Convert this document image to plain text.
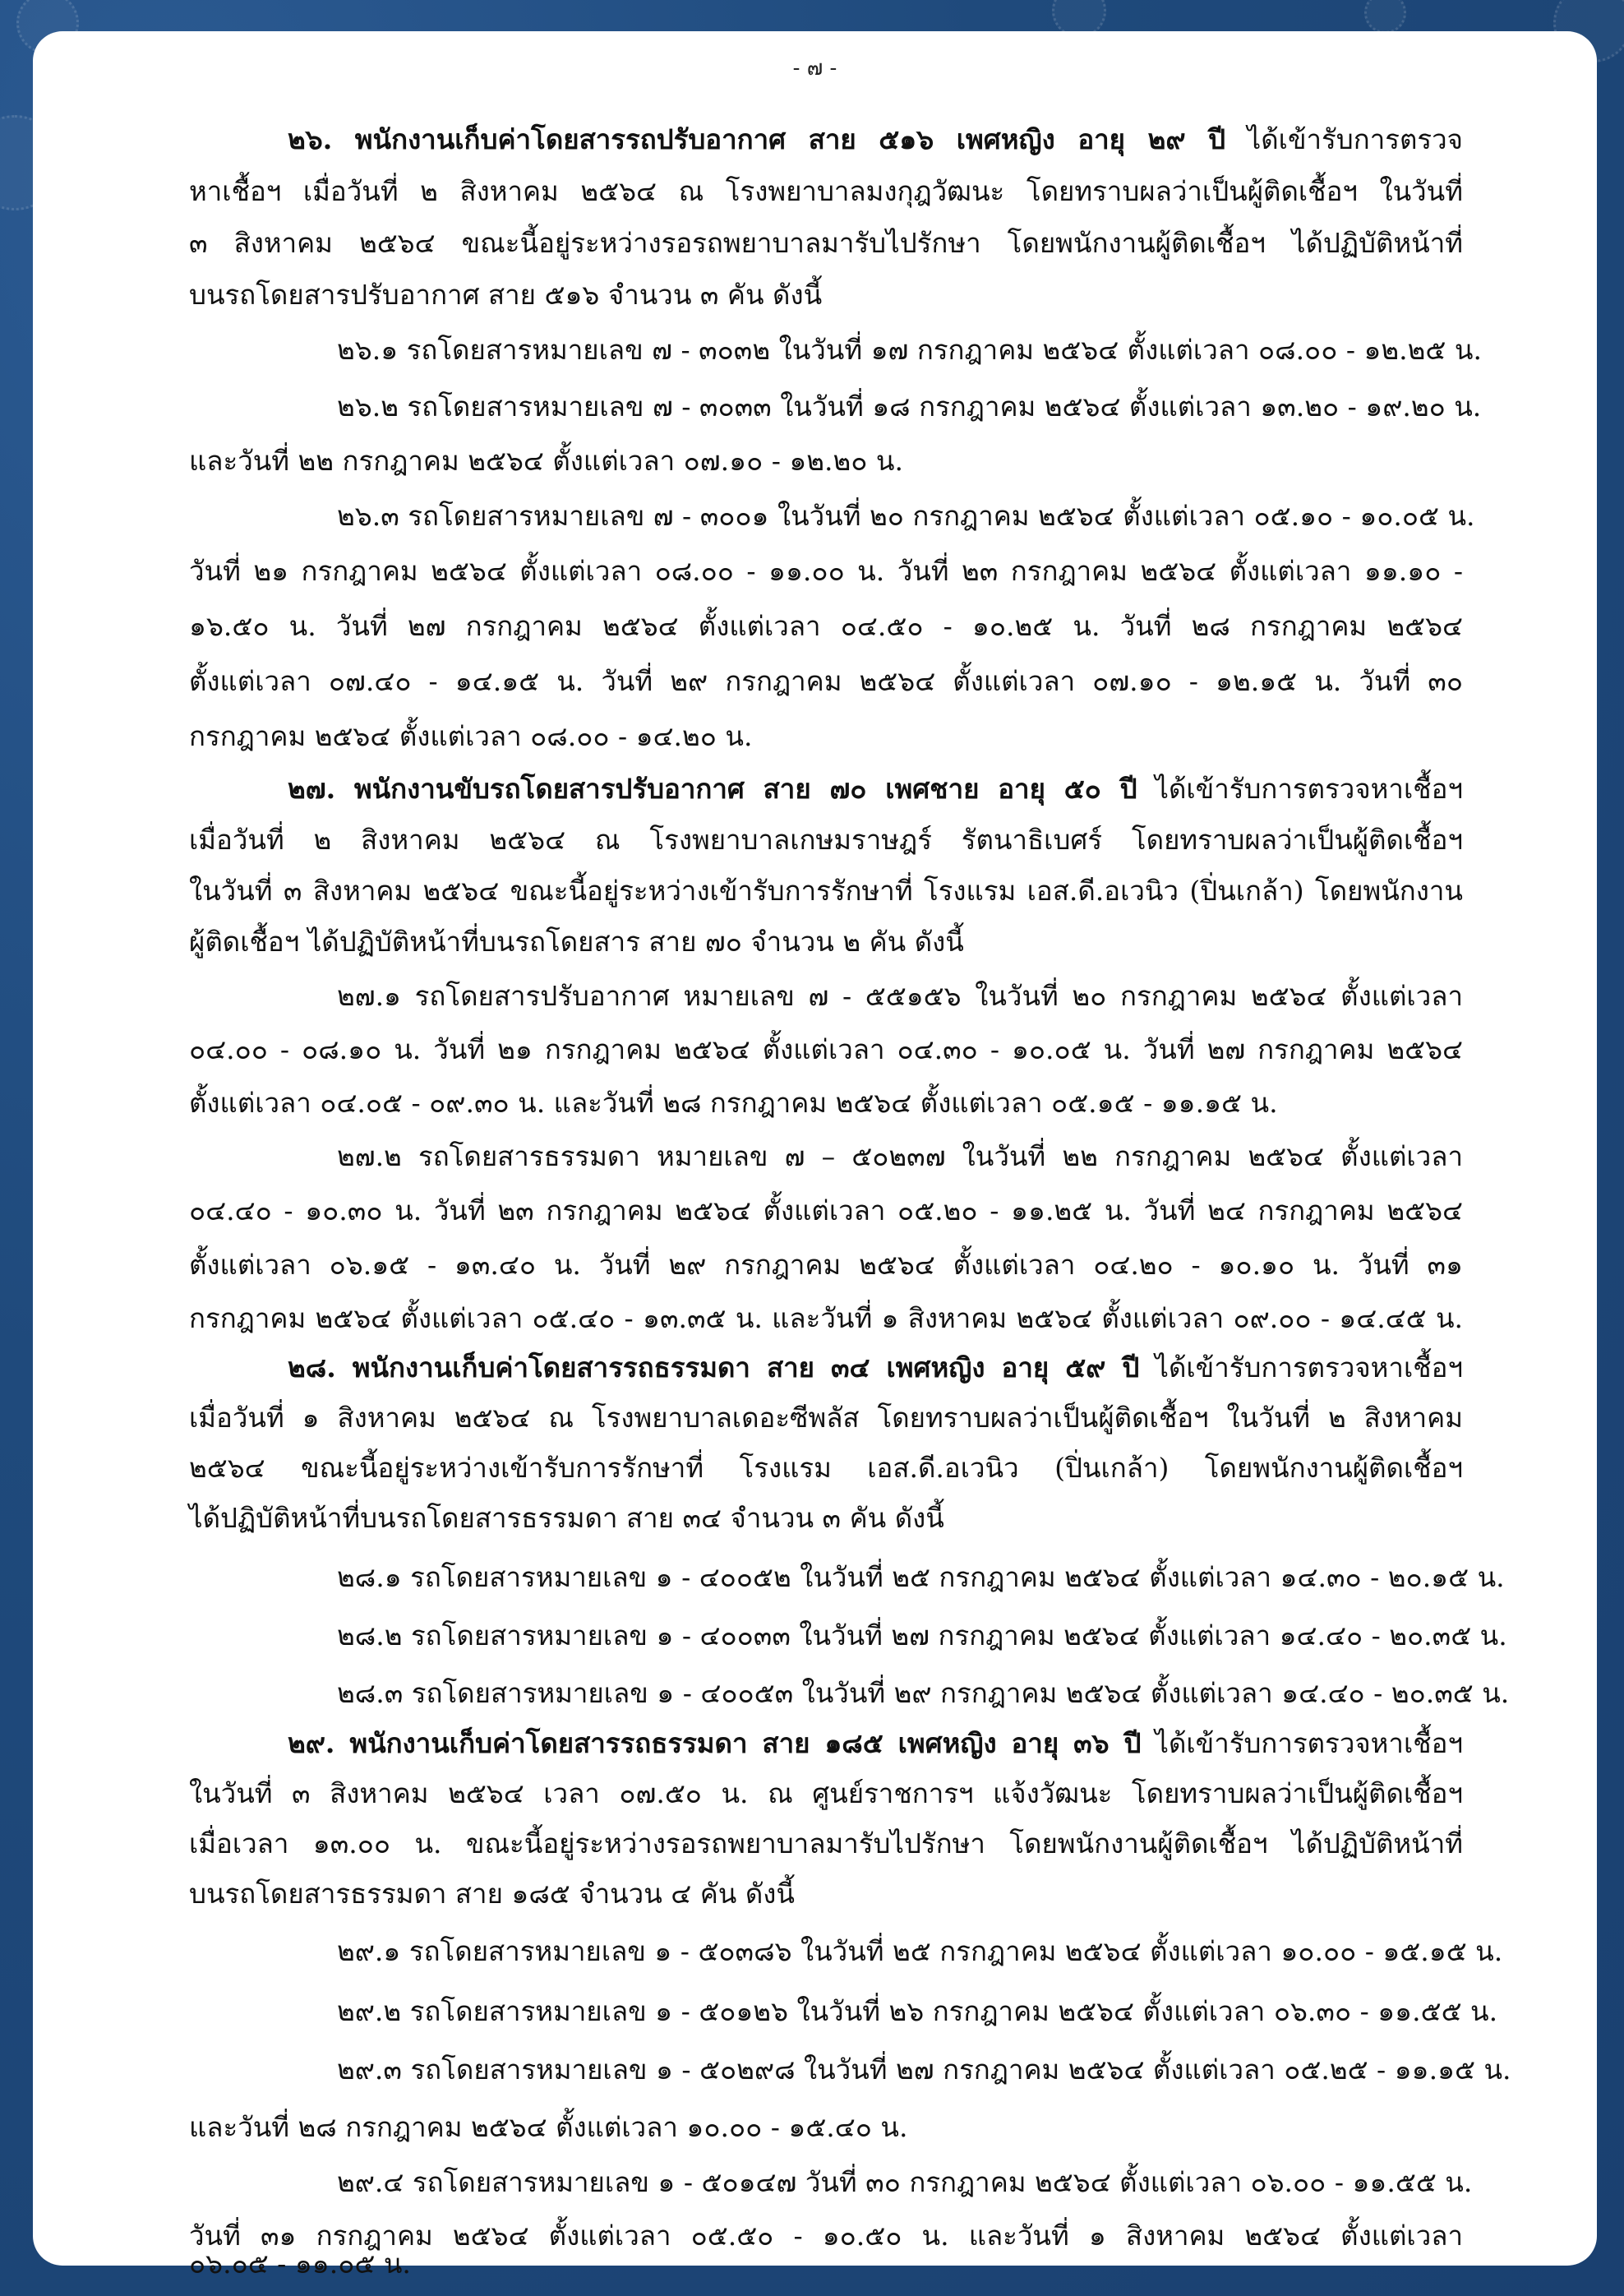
- ๗ -
๒๖. พนักงานเก็บค่าโดยสารรถปรับอากาศ สาย ๕๑๖ เพศหญิง อายุ ๒๙ ปี ได้เข้ารับการตรวจ
หาเชื้อฯ เมื่อวันที่ ๒ สิงหาคม ๒๕๖๔ ณ โรงพยาบาลมงกุฎวัฒนะ โดยทราบผลว่าเป็นผู้ติดเชื้อฯ ในวันที่
๓ สิงหาคม ๒๕๖๔ ขณะนี้อยู่ระหว่างรอรถพยาบาลมารับไปรักษา โดยพนักงานผู้ติดเชื้อฯ ได้ปฏิบัติหน้าที่
บนรถโดยสารปรับอากาศ สาย ๕๑๖ จำนวน ๓ คัน ดังนี้
๒๖.๑ รถโดยสารหมายเลข ๗ - ๓๐๓๒ ในวันที่ ๑๗ กรกฎาคม ๒๕๖๔ ตั้งแต่เวลา ๐๘.๐๐ - ๑๒.๒๕ น.
๒๖.๒ รถโดยสารหมายเลข ๗ - ๓๐๓๓ ในวันที่ ๑๘ กรกฎาคม ๒๕๖๔ ตั้งแต่เวลา ๑๓.๒๐ - ๑๙.๒๐ น.
และวันที่ ๒๒ กรกฎาคม ๒๕๖๔ ตั้งแต่เวลา ๐๗.๑๐ - ๑๒.๒๐ น.
๒๖.๓ รถโดยสารหมายเลข ๗ - ๓๐๐๑ ในวันที่ ๒๐ กรกฎาคม ๒๕๖๔ ตั้งแต่เวลา ๐๕.๑๐ - ๑๐.๐๕ น.
วันที่ ๒๑ กรกฎาคม ๒๕๖๔ ตั้งแต่เวลา ๐๘.๐๐ - ๑๑.๐๐ น. วันที่ ๒๓ กรกฎาคม ๒๕๖๔ ตั้งแต่เวลา ๑๑.๑๐ -
๑๖.๕๐ น. วันที่ ๒๗ กรกฎาคม ๒๕๖๔ ตั้งแต่เวลา ๐๔.๕๐ - ๑๐.๒๕ น. วันที่ ๒๘ กรกฎาคม ๒๕๖๔
ตั้งแต่เวลา ๐๗.๔๐ - ๑๔.๑๕ น. วันที่ ๒๙ กรกฎาคม ๒๕๖๔ ตั้งแต่เวลา ๐๗.๑๐ - ๑๒.๑๕ น. วันที่ ๓๐
กรกฎาคม ๒๕๖๔ ตั้งแต่เวลา ๐๘.๐๐ - ๑๔.๒๐ น.
๒๗. พนักงานขับรถโดยสารปรับอากาศ สาย ๗๐ เพศชาย อายุ ๕๐ ปี ได้เข้ารับการตรวจหาเชื้อฯ
เมื่อวันที่ ๒ สิงหาคม ๒๕๖๔ ณ โรงพยาบาลเกษมราษฎร์ รัตนาธิเบศร์ โดยทราบผลว่าเป็นผู้ติดเชื้อฯ
ในวันที่ ๓ สิงหาคม ๒๕๖๔ ขณะนี้อยู่ระหว่างเข้ารับการรักษาที่ โรงแรม เอส.ดี.อเวนิว (ปิ่นเกล้า) โดยพนักงาน
ผู้ติดเชื้อฯ ได้ปฏิบัติหน้าที่บนรถโดยสาร สาย ๗๐ จำนวน ๒ คัน ดังนี้
๒๗.๑ รถโดยสารปรับอากาศ หมายเลข ๗ - ๕๕๑๕๖ ในวันที่ ๒๐ กรกฎาคม ๒๕๖๔ ตั้งแต่เวลา
๐๔.๐๐ - ๐๘.๑๐ น. วันที่ ๒๑ กรกฎาคม ๒๕๖๔ ตั้งแต่เวลา ๐๔.๓๐ - ๑๐.๐๕ น. วันที่ ๒๗ กรกฎาคม ๒๕๖๔
ตั้งแต่เวลา ๐๔.๐๕ - ๐๙.๓๐ น. และวันที่ ๒๘ กรกฎาคม ๒๕๖๔ ตั้งแต่เวลา ๐๕.๑๕ - ๑๑.๑๕ น.
๒๗.๒ รถโดยสารธรรมดา หมายเลข ๗ – ๕๐๒๓๗ ในวันที่ ๒๒ กรกฎาคม ๒๕๖๔ ตั้งแต่เวลา
๐๔.๔๐ - ๑๐.๓๐ น. วันที่ ๒๓ กรกฎาคม ๒๕๖๔ ตั้งแต่เวลา ๐๕.๒๐ - ๑๑.๒๕ น. วันที่ ๒๔ กรกฎาคม ๒๕๖๔
ตั้งแต่เวลา ๐๖.๑๕ - ๑๓.๔๐ น. วันที่ ๒๙ กรกฎาคม ๒๕๖๔ ตั้งแต่เวลา ๐๔.๒๐ - ๑๐.๑๐ น. วันที่ ๓๑
กรกฎาคม ๒๕๖๔ ตั้งแต่เวลา ๐๕.๔๐ - ๑๓.๓๕ น. และวันที่ ๑ สิงหาคม ๒๕๖๔ ตั้งแต่เวลา ๐๙.๐๐ - ๑๔.๔๕ น.
๒๘. พนักงานเก็บค่าโดยสารรถธรรมดา สาย ๓๔ เพศหญิง อายุ ๕๙ ปี ได้เข้ารับการตรวจหาเชื้อฯ
เมื่อวันที่ ๑ สิงหาคม ๒๕๖๔ ณ โรงพยาบาลเดอะซีพลัส โดยทราบผลว่าเป็นผู้ติดเชื้อฯ ในวันที่ ๒ สิงหาคม
๒๕๖๔ ขณะนี้อยู่ระหว่างเข้ารับการรักษาที่ โรงแรม เอส.ดี.อเวนิว (ปิ่นเกล้า) โดยพนักงานผู้ติดเชื้อฯ
ได้ปฏิบัติหน้าที่บนรถโดยสารธรรมดา สาย ๓๔ จำนวน ๓ คัน ดังนี้
๒๘.๑ รถโดยสารหมายเลข ๑ - ๔๐๐๕๒ ในวันที่ ๒๕ กรกฎาคม ๒๕๖๔ ตั้งแต่เวลา ๑๔.๓๐ - ๒๐.๑๕ น.
๒๘.๒ รถโดยสารหมายเลข ๑ - ๔๐๐๓๓ ในวันที่ ๒๗ กรกฎาคม ๒๕๖๔ ตั้งแต่เวลา ๑๔.๔๐ - ๒๐.๓๕ น.
๒๘.๓ รถโดยสารหมายเลข ๑ - ๔๐๐๕๓ ในวันที่ ๒๙ กรกฎาคม ๒๕๖๔ ตั้งแต่เวลา ๑๔.๔๐ - ๒๐.๓๕ น.
๒๙. พนักงานเก็บค่าโดยสารรถธรรมดา สาย ๑๘๕ เพศหญิง อายุ ๓๖ ปี ได้เข้ารับการตรวจหาเชื้อฯ
ในวันที่ ๓ สิงหาคม ๒๕๖๔ เวลา ๐๗.๕๐ น. ณ ศูนย์ราชการฯ แจ้งวัฒนะ โดยทราบผลว่าเป็นผู้ติดเชื้อฯ
เมื่อเวลา ๑๓.๐๐ น. ขณะนี้อยู่ระหว่างรอรถพยาบาลมารับไปรักษา โดยพนักงานผู้ติดเชื้อฯ ได้ปฏิบัติหน้าที่
บนรถโดยสารธรรมดา สาย ๑๘๕ จำนวน ๔ คัน ดังนี้
๒๙.๑ รถโดยสารหมายเลข ๑ - ๕๐๓๘๖ ในวันที่ ๒๕ กรกฎาคม ๒๕๖๔ ตั้งแต่เวลา ๑๐.๐๐ - ๑๕.๑๕ น.
๒๙.๒ รถโดยสารหมายเลข ๑ - ๕๐๑๒๖ ในวันที่ ๒๖ กรกฎาคม ๒๕๖๔ ตั้งแต่เวลา ๐๖.๓๐ - ๑๑.๕๕ น.
๒๙.๓ รถโดยสารหมายเลข ๑ - ๕๐๒๙๘ ในวันที่ ๒๗ กรกฎาคม ๒๕๖๔ ตั้งแต่เวลา ๐๕.๒๕ - ๑๑.๑๕ น.
และวันที่ ๒๘ กรกฎาคม ๒๕๖๔ ตั้งแต่เวลา ๑๐.๐๐ - ๑๕.๔๐ น.
๒๙.๔ รถโดยสารหมายเลข ๑ - ๕๐๑๔๗ วันที่ ๓๐ กรกฎาคม ๒๕๖๔ ตั้งแต่เวลา ๐๖.๐๐ - ๑๑.๕๕ น.
วันที่ ๓๑ กรกฎาคม ๒๕๖๔ ตั้งแต่เวลา ๐๕.๕๐ - ๑๐.๕๐ น. และวันที่ ๑ สิงหาคม ๒๕๖๔ ตั้งแต่เวลา
๐๖.๐๕ - ๑๑.๐๕ น.
